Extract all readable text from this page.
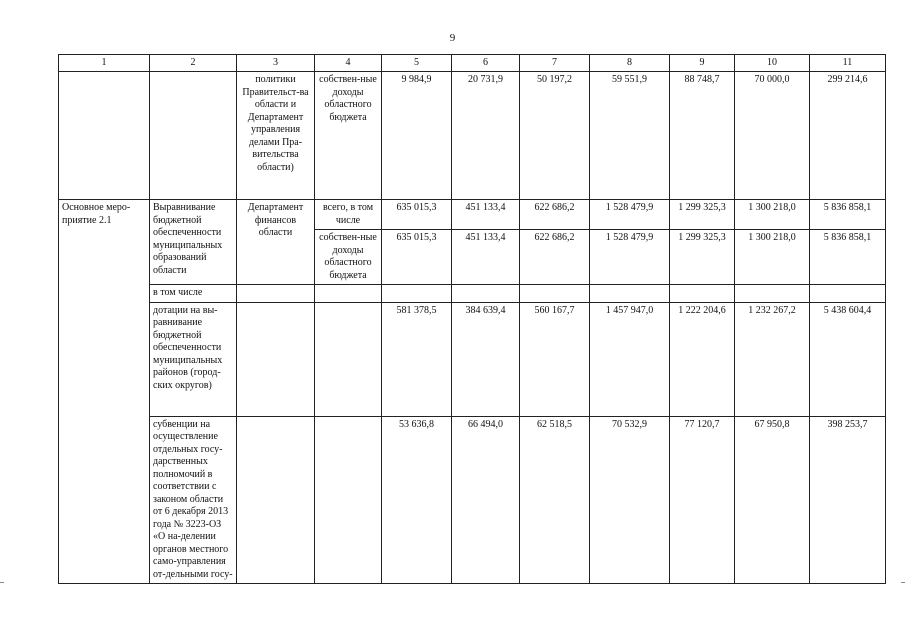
9
1	2	3	4	5	6	7	8	9	10	11
		политики Правительст-ва области и Департамент управления делами Пра-вительства области)	собствен-ные доходы областного бюджета	9 984,9	20 731,9	50 197,2	59 551,9	88 748,7	70 000,0	299 214,6
Основное меро-приятие 2.1	Выравнивание бюджетной обеспеченности муниципальных образований области	Департамент финансов области	всего, в том числе	635 015,3	451 133,4	622 686,2	1 528 479,9	1 299 325,3	1 300 218,0	5 836 858,1
			собствен-ные доходы областного бюджета	635 015,3	451 133,4	622 686,2	1 528 479,9	1 299 325,3	1 300 218,0	5 836 858,1
	в том числе									
	дотации на вы-равнивание бюджетной обеспеченности муниципальных районов (город-ских округов)			581 378,5	384 639,4	560 167,7	1 457 947,0	1 222 204,6	1 232 267,2	5 438 604,4
	субвенции на осуществление отдельных госу-дарственных полномочий в соответствии с законом области от 6 декабря 2013 года № 3223-ОЗ «О на-делении органов местного само-управления от-дельными госу-			53 636,8	66 494,0	62 518,5	70 532,9	77 120,7	67 950,8	398 253,7
